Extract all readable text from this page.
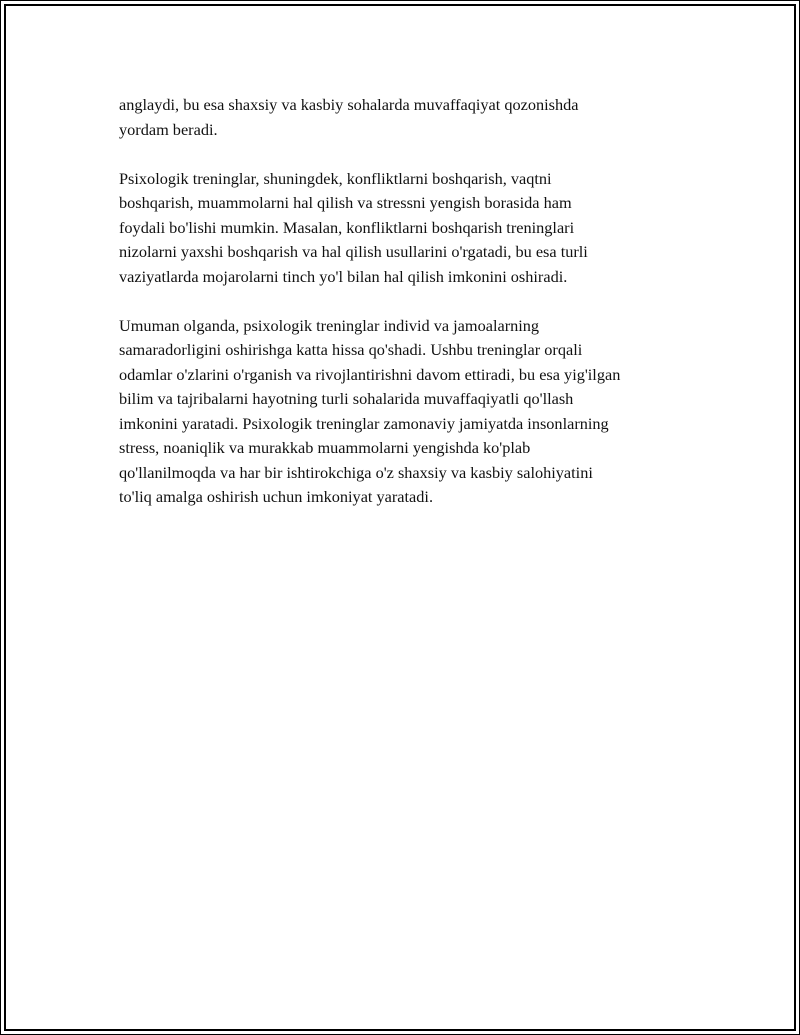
anglaydi, bu esa shaxsiy va kasbiy sohalarda muvaffaqiyat qozonishda
yordam beradi.

Psixologik treninglar, shuningdek, konfliktlarni boshqarish, vaqtni
boshqarish, muammolarni hal qilish va stressni yengish borasida ham
foydali bo'lishi mumkin. Masalan, konfliktlarni boshqarish treninglari
nizolarni yaxshi boshqarish va hal qilish usullarini o'rgatadi, bu esa turli
vaziyatlarda mojarolarni tinch yo'l bilan hal qilish imkonini oshiradi.

Umuman olganda, psixologik treninglar individ va jamoalarning
samaradorligini oshirishga katta hissa qo'shadi. Ushbu treninglar orqali
odamlar o'zlarini o'rganish va rivojlantirishni davom ettiradi, bu esa yig'ilgan
bilim va tajribalarni hayotning turli sohalarida muvaffaqiyatli qo'llash
imkonini yaratadi. Psixologik treninglar zamonaviy jamiyatda insonlarning
stress, noaniqlik va murakkab muammolarni yengishda ko'plab
qo'llanilmoqda va har bir ishtirokchiga o'z shaxsiy va kasbiy salohiyatini
to'liq amalga oshirish uchun imkoniyat yaratadi.
